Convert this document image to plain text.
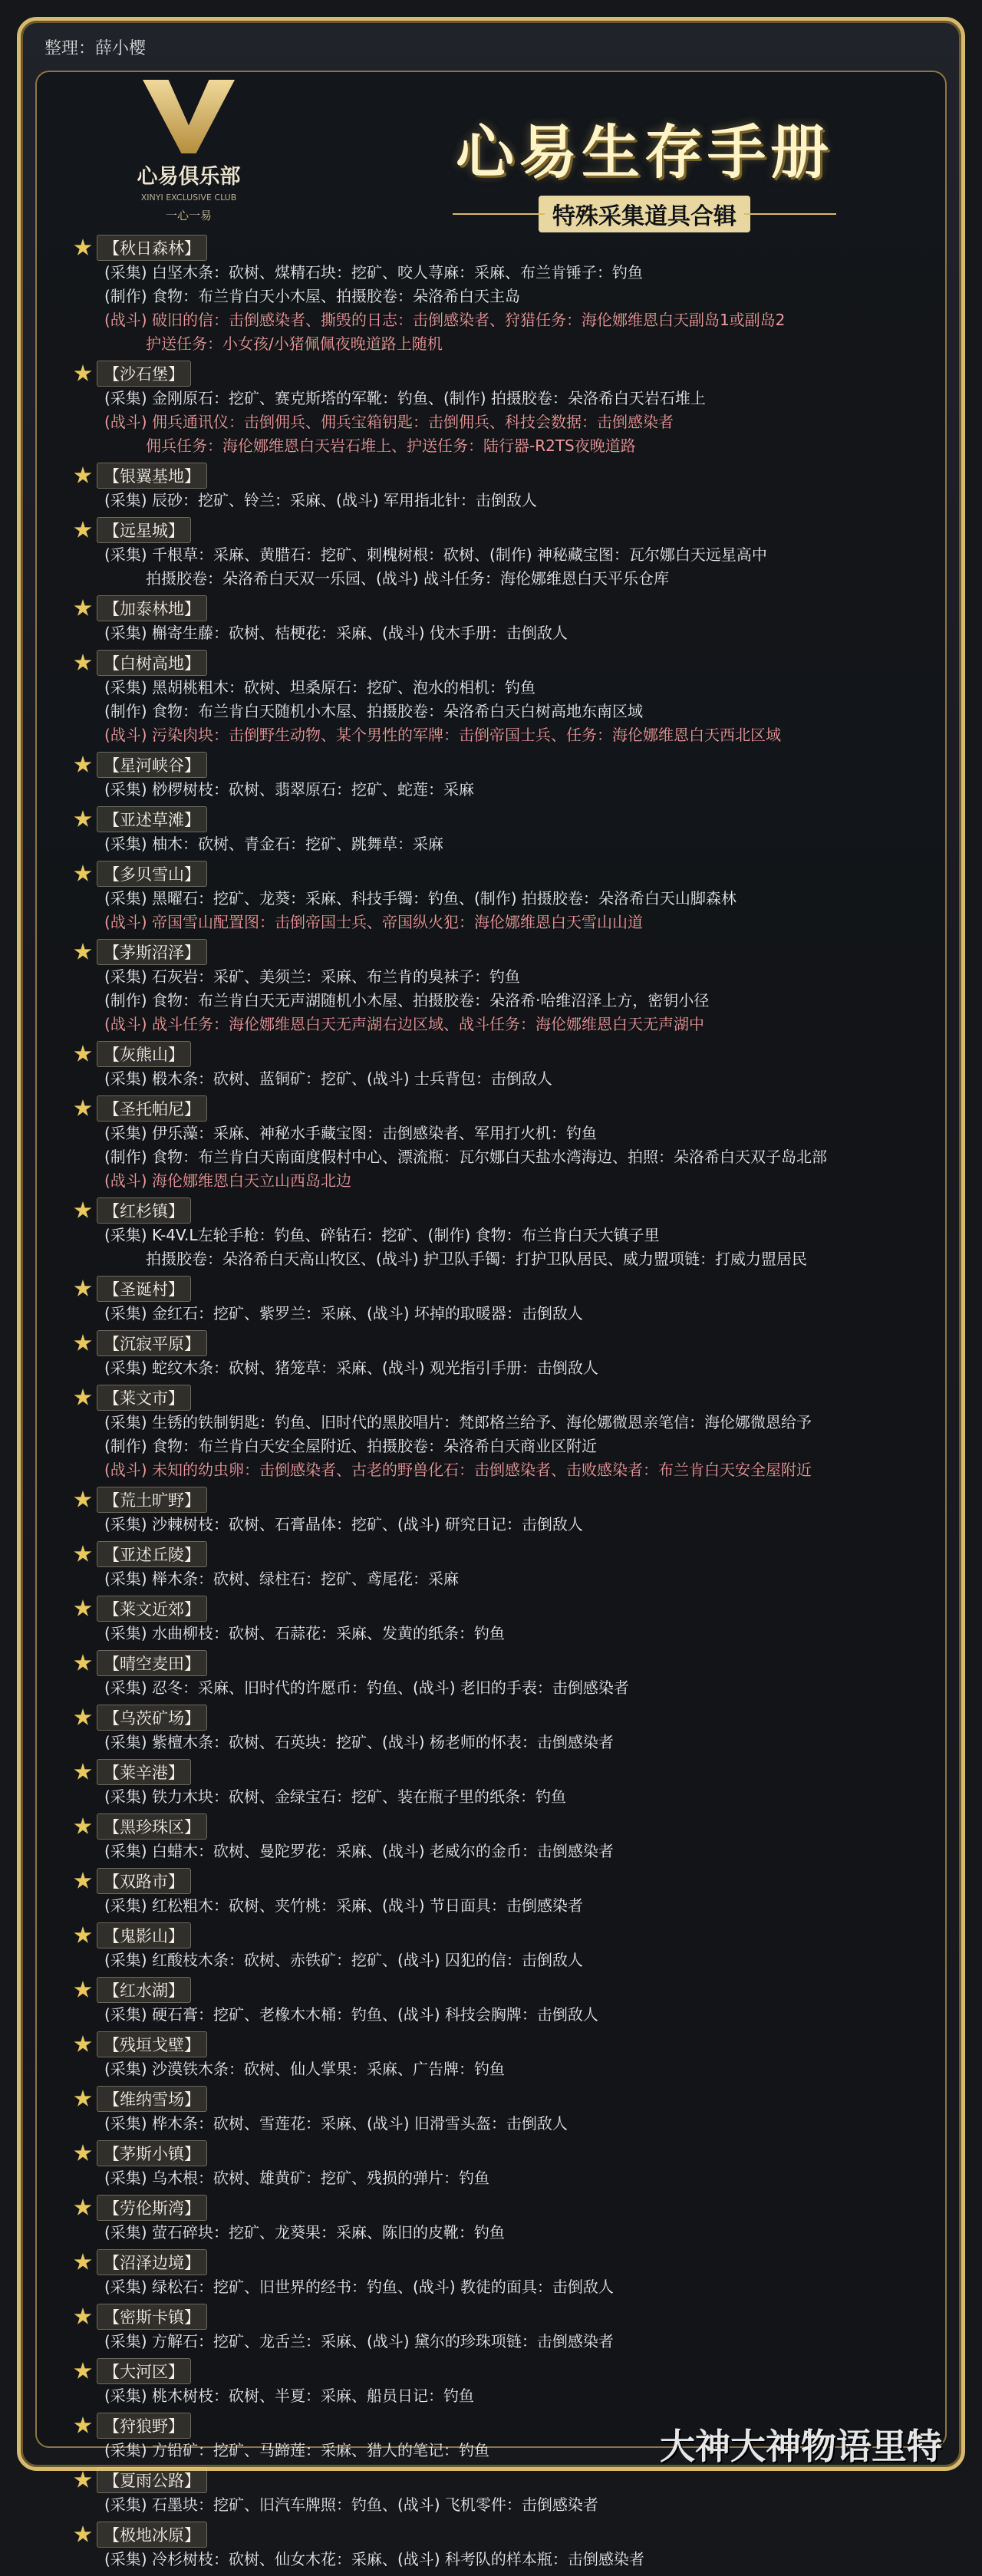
整理：薛小樱
心易俱乐部
XINYI EXCLUSIVE CLUB
一心一易
心易生存手册
特殊采集道具合辑
【秋日森林】
(采集) 白坚木条：砍树、煤精石块：挖矿、咬人荨麻：采麻、布兰肯锤子：钓鱼
(制作) 食物：布兰肯白天小木屋、拍摄胶卷：朵洛希白天主岛
(战斗) 破旧的信：击倒感染者、撕毁的日志：击倒感染者、狩猎任务：海伦娜维恩白天副岛1或副岛2
护送任务：小女孩/小猪佩佩夜晚道路上随机
【沙石堡】
(采集) 金刚原石：挖矿、赛克斯塔的军靴：钓鱼、(制作) 拍摄胶卷：朵洛希白天岩石堆上
(战斗) 佣兵通讯仪：击倒佣兵、佣兵宝箱钥匙：击倒佣兵、科技会数据：击倒感染者
佣兵任务：海伦娜维恩白天岩石堆上、护送任务：陆行器-R2TS夜晚道路
【银翼基地】
(采集) 辰砂：挖矿、铃兰：采麻、(战斗) 军用指北针：击倒敌人
【远星城】
(采集) 千根草：采麻、黄腊石：挖矿、刺槐树根：砍树、(制作) 神秘藏宝图：瓦尔娜白天远星高中
拍摄胶卷：朵洛希白天双一乐园、(战斗) 战斗任务：海伦娜维恩白天平乐仓库
【加泰林地】
(采集) 槲寄生藤：砍树、桔梗花：采麻、(战斗) 伐木手册：击倒敌人
【白树高地】
(采集) 黑胡桃粗木：砍树、坦桑原石：挖矿、泡水的相机：钓鱼
(制作) 食物：布兰肯白天随机小木屋、拍摄胶卷：朵洛希白天白树高地东南区域
(战斗) 污染肉块：击倒野生动物、某个男性的军牌：击倒帝国士兵、任务：海伦娜维恩白天西北区域
【星河峡谷】
(采集) 桫椤树枝：砍树、翡翠原石：挖矿、蛇莲：采麻
【亚述草滩】
(采集) 柚木：砍树、青金石：挖矿、跳舞草：采麻
【多贝雪山】
(采集) 黑曜石：挖矿、龙葵：采麻、科技手镯：钓鱼、(制作) 拍摄胶卷：朵洛希白天山脚森林
(战斗) 帝国雪山配置图：击倒帝国士兵、帝国纵火犯：海伦娜维恩白天雪山山道
【茅斯沼泽】
(采集) 石灰岩：采矿、美须兰：采麻、布兰肯的臭袜子：钓鱼
(制作) 食物：布兰肯白天无声湖随机小木屋、拍摄胶卷：朵洛希·哈维沼泽上方，密钥小径
(战斗) 战斗任务：海伦娜维恩白天无声湖右边区域、战斗任务：海伦娜维恩白天无声湖中
【灰熊山】
(采集) 椴木条：砍树、蓝铜矿：挖矿、(战斗) 士兵背包：击倒敌人
【圣托帕尼】
(采集) 伊乐藻：采麻、神秘水手藏宝图：击倒感染者、军用打火机：钓鱼
(制作) 食物：布兰肯白天南面度假村中心、漂流瓶：瓦尔娜白天盐水湾海边、拍照：朵洛希白天双子岛北部
(战斗) 海伦娜维恩白天立山西岛北边
【红杉镇】
(采集) K-4V.L左轮手枪：钓鱼、碎钻石：挖矿、(制作) 食物：布兰肯白天大镇子里
拍摄胶卷：朵洛希白天高山牧区、(战斗) 护卫队手镯：打护卫队居民、威力盟项链：打威力盟居民
【圣诞村】
(采集) 金红石：挖矿、紫罗兰：采麻、(战斗) 坏掉的取暖器：击倒敌人
【沉寂平原】
(采集) 蛇纹木条：砍树、猪笼草：采麻、(战斗) 观光指引手册：击倒敌人
【莱文市】
(采集) 生锈的铁制钥匙：钓鱼、旧时代的黑胶唱片：梵郎格兰给予、海伦娜微恩亲笔信：海伦娜微恩给予
(制作) 食物：布兰肯白天安全屋附近、拍摄胶卷：朵洛希白天商业区附近
(战斗) 未知的幼虫卵：击倒感染者、古老的野兽化石：击倒感染者、击败感染者：布兰肯白天安全屋附近
【荒土旷野】
(采集) 沙棘树枝：砍树、石膏晶体：挖矿、(战斗) 研究日记：击倒敌人
【亚述丘陵】
(采集) 榉木条：砍树、绿柱石：挖矿、鸢尾花：采麻
【莱文近郊】
(采集) 水曲柳枝：砍树、石蒜花：采麻、发黄的纸条：钓鱼
【晴空麦田】
(采集) 忍冬：采麻、旧时代的许愿币：钓鱼、(战斗) 老旧的手表：击倒感染者
【乌茨矿场】
(采集) 紫檀木条：砍树、石英块：挖矿、(战斗) 杨老师的怀表：击倒感染者
【莱辛港】
(采集) 铁力木块：砍树、金绿宝石：挖矿、装在瓶子里的纸条：钓鱼
【黑珍珠区】
(采集) 白蜡木：砍树、曼陀罗花：采麻、(战斗) 老威尔的金币：击倒感染者
【双路市】
(采集) 红松粗木：砍树、夹竹桃：采麻、(战斗) 节日面具：击倒感染者
【鬼影山】
(采集) 红酸枝木条：砍树、赤铁矿：挖矿、(战斗) 囚犯的信：击倒敌人
【红水湖】
(采集) 硬石膏：挖矿、老橡木木桶：钓鱼、(战斗) 科技会胸牌：击倒敌人
【残垣戈壁】
(采集) 沙漠铁木条：砍树、仙人掌果：采麻、广告牌：钓鱼
【维纳雪场】
(采集) 桦木条：砍树、雪莲花：采麻、(战斗) 旧滑雪头盔：击倒敌人
【茅斯小镇】
(采集) 乌木根：砍树、雄黄矿：挖矿、残损的弹片：钓鱼
【劳伦斯湾】
(采集) 萤石碎块：挖矿、龙葵果：采麻、陈旧的皮靴：钓鱼
【沼泽边境】
(采集) 绿松石：挖矿、旧世界的经书：钓鱼、(战斗) 教徒的面具：击倒敌人
【密斯卡镇】
(采集) 方解石：挖矿、龙舌兰：采麻、(战斗) 黛尔的珍珠项链：击倒感染者
【大河区】
(采集) 桃木树枝：砍树、半夏：采麻、船员日记：钓鱼
【狩狼野】
(采集) 方铅矿：挖矿、马蹄莲：采麻、猎人的笔记：钓鱼
【夏雨公路】
(采集) 石墨块：挖矿、旧汽车牌照：钓鱼、(战斗) 飞机零件：击倒感染者
【极地冰原】
(采集) 冷杉树枝：砍树、仙女木花：采麻、(战斗) 科考队的样本瓶：击倒感染者
大神大神物语里特
